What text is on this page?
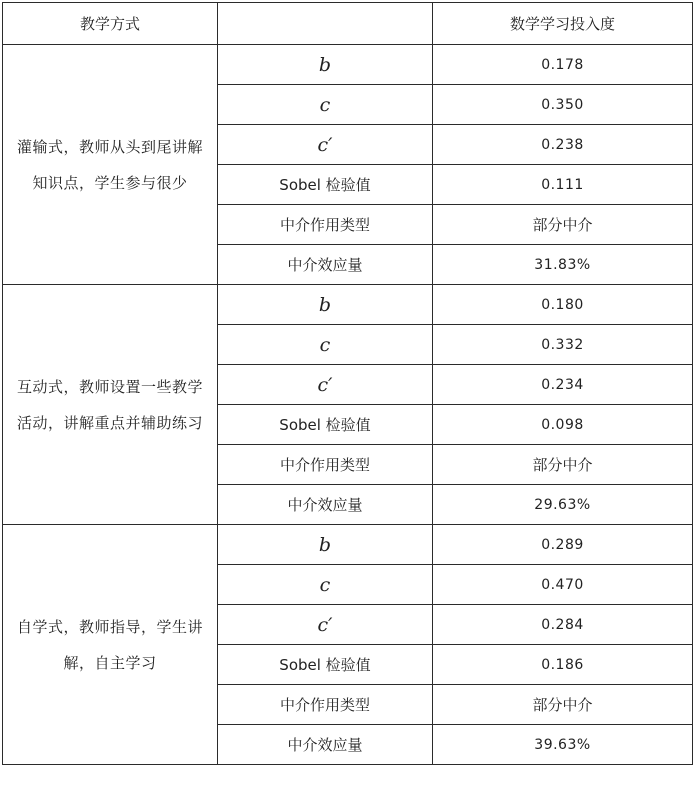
教学方式		数学学习投入度
灌输式，教师从头到尾讲解知识点，学生参与很少	b	0.178
	c	0.350
	c′	0.238
	Sobel 检验值	0.111
	中介作用类型	部分中介
	中介效应量	31.83%
互动式，教师设置一些教学活动，讲解重点并辅助练习	b	0.180
	c	0.332
	c′	0.234
	Sobel 检验值	0.098
	中介作用类型	部分中介
	中介效应量	29.63%
自学式，教师指导，学生讲解，自主学习	b	0.289
	c	0.470
	c′	0.284
	Sobel 检验值	0.186
	中介作用类型	部分中介
	中介效应量	39.63%
